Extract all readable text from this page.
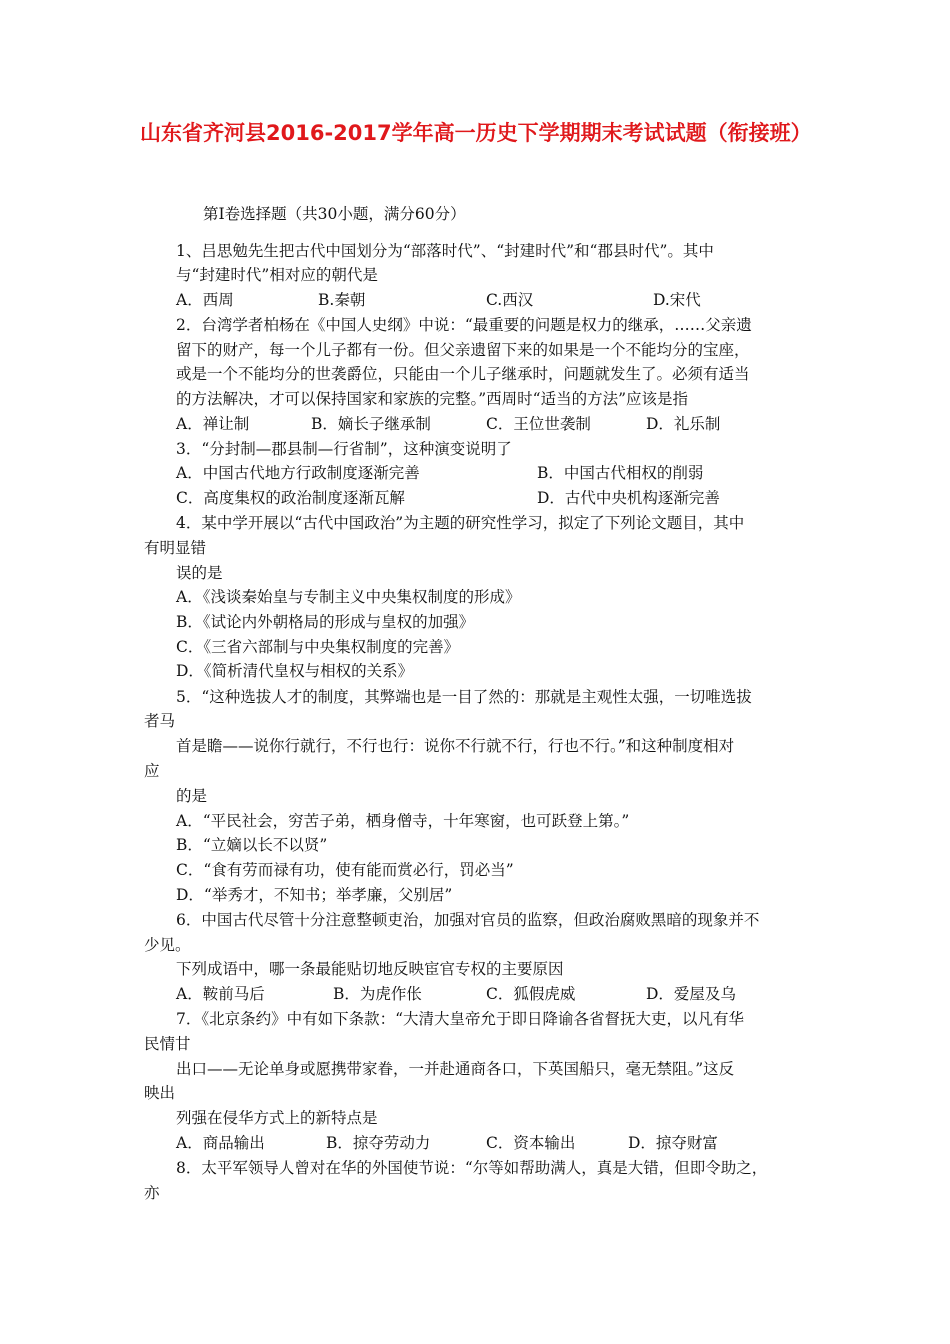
山东省齐河县2016-2017学年高一历史下学期期末考试试题（衔接班）
第Ⅰ卷选择题（共30小题，满分60分）
1、吕思勉先生把古代中国划分为“部落时代”、“封建时代”和“郡县时代”。其中
与“封建时代”相对应的朝代是
A．西周	B.秦朝	C.西汉	D.宋代
2．台湾学者柏杨在《中国人史纲》中说：“最重要的问题是权力的继承，……父亲遗
留下的财产，每一个儿子都有一份。但父亲遗留下来的如果是一个不能均分的宝座，
或是一个不能均分的世袭爵位，只能由一个儿子继承时，问题就发生了。必须有适当
的方法解决，才可以保持国家和家族的完整。”西周时“适当的方法”应该是指
A．禅让制	B．嫡长子继承制	C．王位世袭制	D．礼乐制
3．“分封制—郡县制—行省制”，这种演变说明了
A．中国古代地方行政制度逐渐完善	B．中国古代相权的削弱
C．高度集权的政治制度逐渐瓦解	D．古代中央机构逐渐完善
4．某中学开展以“古代中国政治”为主题的研究性学习，拟定了下列论文题目，其中
有明显错
误的是
A．《浅谈秦始皇与专制主义中央集权制度的形成》
B．《试论内外朝格局的形成与皇权的加强》
C．《三省六部制与中央集权制度的完善》
D．《简析清代皇权与相权的关系》
5．“这种选拔人才的制度，其弊端也是一目了然的：那就是主观性太强，一切唯选拔
者马
首是瞻——说你行就行，不行也行：说你不行就不行，行也不行。”和这种制度相对
应
的是
A．“平民社会，穷苦子弟，栖身僧寺，十年寒窗，也可跃登上第。”
B．“立嫡以长不以贤”
C．“食有劳而禄有功，使有能而赏必行，罚必当”
D．“举秀才，不知书；举孝廉，父别居”
6．中国古代尽管十分注意整顿吏治，加强对官员的监察，但政治腐败黑暗的现象并不
少见。
下列成语中，哪一条最能贴切地反映宦官专权的主要原因
A．鞍前马后	B．为虎作伥	C．狐假虎威	D．爱屋及乌
7．《北京条约》中有如下条款：“大清大皇帝允于即日降谕各省督抚大吏，以凡有华
民情甘
出口——无论单身或愿携带家眷，一并赴通商各口，下英国船只，毫无禁阻。”这反
映出
列强在侵华方式上的新特点是
A．商品输出	B．掠夺劳动力	C．资本输出	D．掠夺财富
8．太平军领导人曾对在华的外国使节说：“尔等如帮助满人，真是大错，但即令助之，
亦
